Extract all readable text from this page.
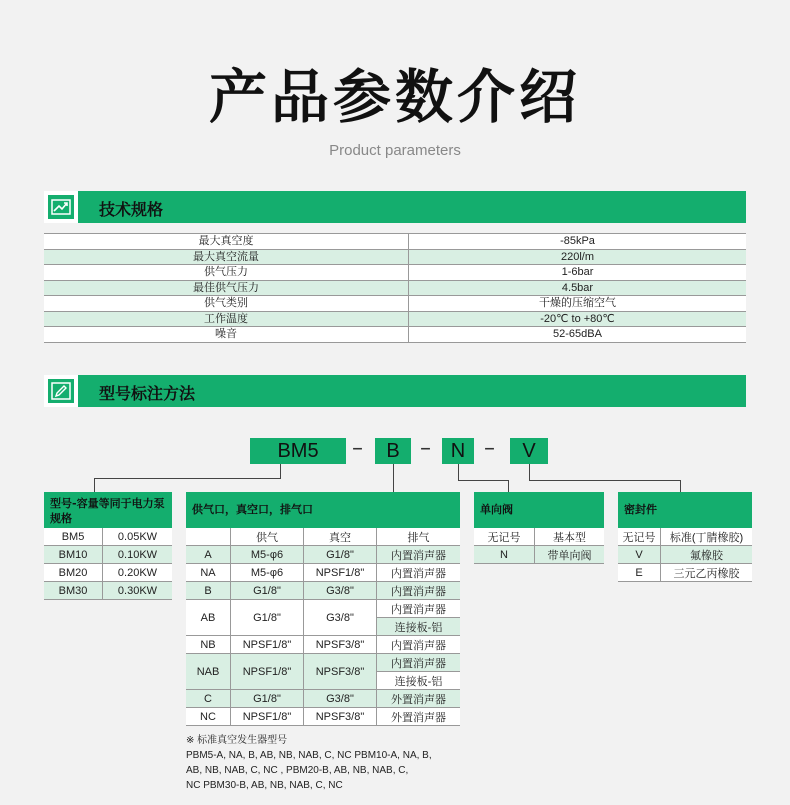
产品参数介绍
Product parameters
技术规格
最大真空度	-85kPa
最大真空流量	220l/m
供气压力	1-6bar
最佳供气压力	4.5bar
供气类别	干燥的压缩空气
工作温度	-20℃ to +80℃
噪音	52-65dBA
型号标注方法
BM5	–	B – N –	V
型号-容量等同于电力泵规格
BM5	0.05KW
BM10	0.10KW
BM20	0.20KW
BM30	0.30KW
供气口，真空口，排气口
	供气	真空	排气
A	M5-φ6	G1/8"	内置消声器
NA	M5-φ6	NPSF1/8"	内置消声器
B	G1/8"	G3/8"	内置消声器
AB	G1/8"	G3/8"	内置消声器
			连接板-铝
NB	NPSF1/8"	NPSF3/8"	内置消声器
NAB	NPSF1/8"	NPSF3/8"	内置消声器
			连接板-铝
C	G1/8"	G3/8"	外置消声器
NC	NPSF1/8"	NPSF3/8"	外置消声器
单向阀
无记号	基本型
N	带单向阀
密封件
无记号	标准(丁腈橡胶)
V	氟橡胶
E	三元乙丙橡胶
※ 标准真空发生器型号
PBM5-A, NA, B, AB, NB, NAB, C, NC PBM10-A, NA, B,
AB, NB, NAB, C, NC , PBM20-B, AB, NB, NAB, C,
NC PBM30-B, AB, NB, NAB, C, NC
